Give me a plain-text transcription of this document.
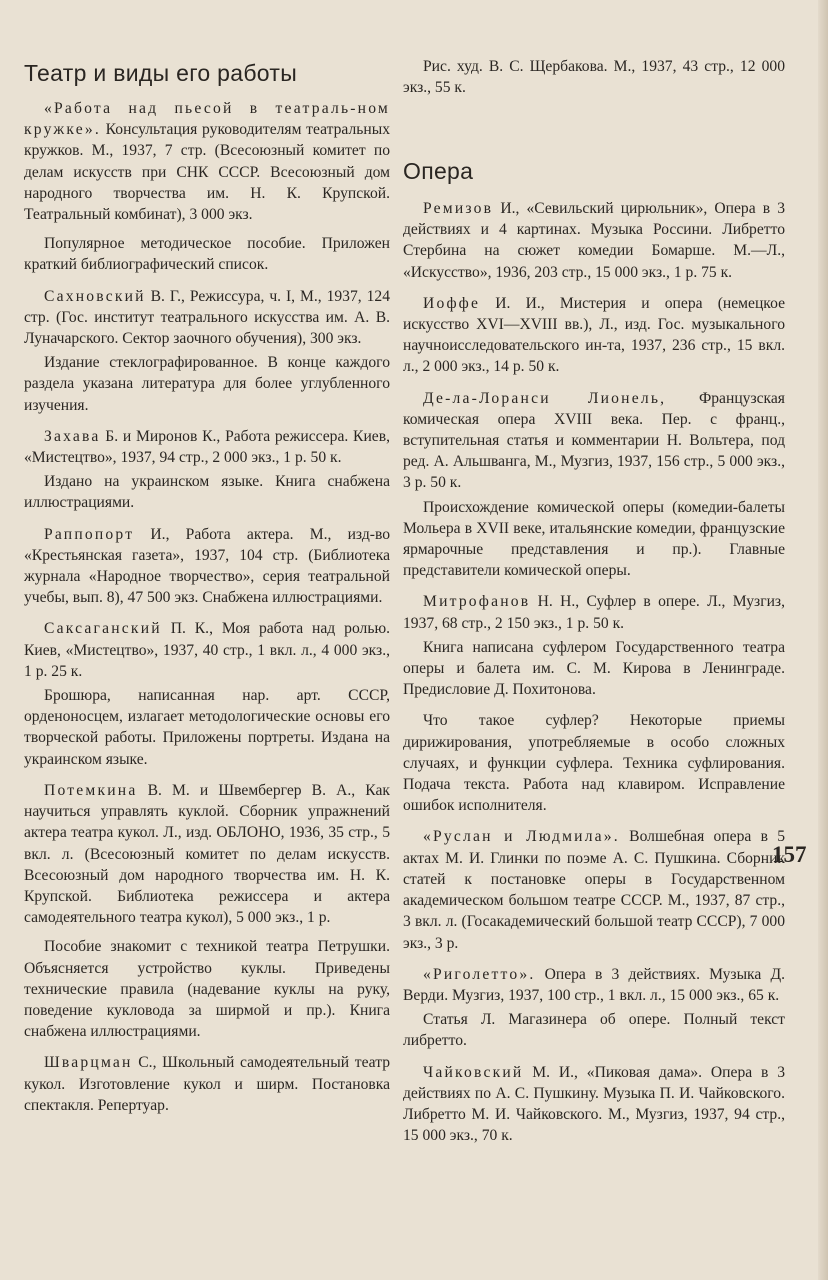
Театр и виды его работы

«Работа над пьесой в театраль-ном кружке». Консультация руководителям театральных кружков. М., 1937, 7 стр. (Всесоюзный комитет по делам искусств при СНК СССР. Всесоюзный дом народного творчества им. Н. К. Крупской. Театральный комбинат), 3 000 экз.

Популярное методическое пособие. Приложен краткий библиографический список.

Сахновский В. Г., Режиссура, ч. I, М., 1937, 124 стр. (Гос. институт театрального искусства им. А. В. Луначарского. Сектор заочного обучения), 300 экз.

Издание стеклографированное. В конце каждого раздела указана литература для более углубленного изучения.

Захава Б. и Миронов К., Работа режиссера. Киев, «Мистецтво», 1937, 94 стр., 2 000 экз., 1 р. 50 к.

Издано на украинском языке. Книга снабжена иллюстрациями.

Раппопорт И., Работа актера. М., изд-во «Крестьянская газета», 1937, 104 стр. (Библиотека журнала «Народное творчество», серия театральной учебы, вып. 8), 47 500 экз. Снабжена иллюстрациями.

Саксаганский П. К., Моя работа над ролью. Киев, «Мистецтво», 1937, 40 стр., 1 вкл. л., 4 000 экз., 1 р. 25 к.

Брошюра, написанная нар. арт. СССР, орденоносцем, излагает методологические основы его творческой работы. Приложены портреты. Издана на украинском языке.

Потемкина В. М. и Швембергер В. А., Как научиться управлять куклой. Сборник упражнений актера театра кукол. Л., изд. ОБЛОНО, 1936, 35 стр., 5 вкл. л. (Всесоюзный комитет по делам искусств. Всесоюзный дом народного творчества им. Н. К. Крупской. Библиотека режиссера и актера самодеятельного театра кукол), 5 000 экз., 1 р.

Пособие знакомит с техникой театра Петрушки. Объясняется устройство куклы. Приведены технические правила (надевание куклы на руку, поведение кукловода за ширмой и пр.). Книга снабжена иллюстрациями.

Шварцман С., Школьный самодеятельный театр кукол. Изготовление кукол и ширм. Постановка спектакля. Репертуар.

Рис. худ. В. С. Щербакова. М., 1937, 43 стр., 12 000 экз., 55 к.

Опера

Ремизов И., «Севильский цирюльник», Опера в 3 действиях и 4 картинах. Музыка Россини. Либретто Стербина на сюжет комедии Бомарше. М.—Л., «Искусство», 1936, 203 стр., 15 000 экз., 1 р. 75 к.

Иоффе И. И., Мистерия и опера (немецкое искусство XVI—XVIII вв.), Л., изд. Гос. музыкального научноисследовательского ин-та, 1937, 236 стр., 15 вкл. л., 2 000 экз., 14 р. 50 к.

Де-ла-Лоранси Лионель, Французская комическая опера XVIII века. Пер. с франц., вступительная статья и комментарии Н. Вольтера, под ред. А. Альшванга, М., Музгиз, 1937, 156 стр., 5 000 экз., 3 р. 50 к.

Происхождение комической оперы (комедии-балеты Мольера в XVII веке, итальянские комедии, французские ярмарочные представления и пр.). Главные представители комической оперы.

Митрофанов Н. Н., Суфлер в опере. Л., Музгиз, 1937, 68 стр., 2 150 экз., 1 р. 50 к.

Книга написана суфлером Государственного театра оперы и балета им. С. М. Кирова в Ленинграде. Предисловие Д. Похитонова.

Что такое суфлер? Некоторые приемы дирижирования, употребляемые в особо сложных случаях, и функции суфлера. Техника суфлирования. Подача текста. Работа над клавиром. Исправление ошибок исполнителя.

«Руслан и Людмила». Волшебная опера в 5 актах М. И. Глинки по поэме А. С. Пушкина. Сборник статей к постановке оперы в Государственном академическом большом театре СССР. М., 1937, 87 стр., 3 вкл. л. (Госакадемический большой театр СССР), 7 000 экз., 3 р.

«Риголетто». Опера в 3 действиях. Музыка Д. Верди. Музгиз, 1937, 100 стр., 1 вкл. л., 15 000 экз., 65 к.

Статья Л. Магазинера об опере. Полный текст либретто.

Чайковский М. И., «Пиковая дама». Опера в 3 действиях по А. С. Пушкину. Музыка П. И. Чайковского. Либретто М. И. Чайковского. М., Музгиз, 1937, 94 стр., 15 000 экз., 70 к.

157
